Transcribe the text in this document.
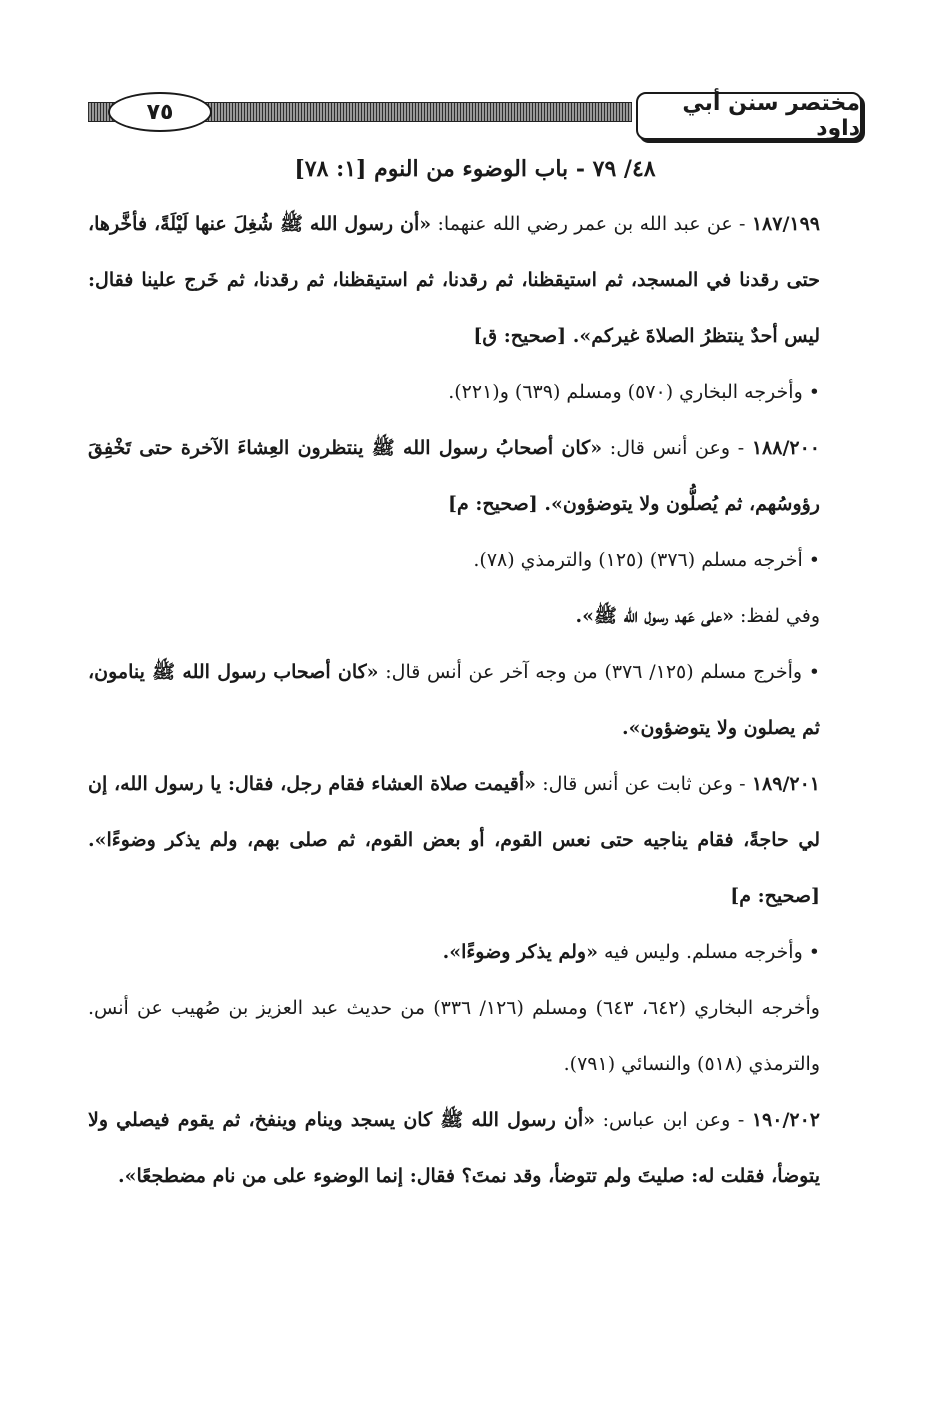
٧٥	مختصر سنن أبي داود
٤٨/ ٧٩ - باب الوضوء من النوم [١: ٧٨]

١٨٧/١٩٩ - عن عبد الله بن عمر رضي الله عنهما: «أن رسول الله ﷺ شُغِلَ عنها لَيْلَةً، فأخَّرها، حتى رقدنا في المسجد، ثم استيقظنا، ثم رقدنا، ثم استيقظنا، ثم رقدنا، ثم خَرج علينا فقال: ليس أحدٌ ينتظرُ الصلاةَ غيركم». [صحيح: ق]

• وأخرجه البخاري (٥٧٠) ومسلم (٦٣٩) و(٢٢١).

١٨٨/٢٠٠ - وعن أنس قال: «كان أصحابُ رسول الله ﷺ ينتظرون العِشاءَ الآخرة حتى تَخْفِقَ رؤوسُهم، ثم يُصلُّون ولا يتوضؤون». [صحيح: م]

• أخرجه مسلم (٣٧٦) (١٢٥) والترمذي (٧٨).

وفي لفظ: «على عَهد رسول الله ﷺ».

• وأخرج مسلم (١٢٥/ ٣٧٦) من وجه آخر عن أنس قال: «كان أصحاب رسول الله ﷺ ينامون، ثم يصلون ولا يتوضؤون».

١٨٩/٢٠١ - وعن ثابت عن أنس قال: «أقيمت صلاة العشاء فقام رجل، فقال: يا رسول الله، إن لي حاجةً، فقام يناجيه حتى نعس القوم، أو بعض القوم، ثم صلى بهم، ولم يذكر وضوءًا». [صحيح: م]

• وأخرجه مسلم. وليس فيه «ولم يذكر وضوءًا».

وأخرجه البخاري (٦٤٢، ٦٤٣) ومسلم (١٢٦/ ٣٣٦) من حديث عبد العزيز بن صُهيب عن أنس. والترمذي (٥١٨) والنسائي (٧٩١).

١٩٠/٢٠٢ - وعن ابن عباس: «أن رسول الله ﷺ كان يسجد وينام وينفخ، ثم يقوم فيصلي ولا يتوضأ، فقلت له: صليتَ ولم تتوضأ، وقد نمتَ؟ فقال: إنما الوضوء على من نام مضطجعًا».
